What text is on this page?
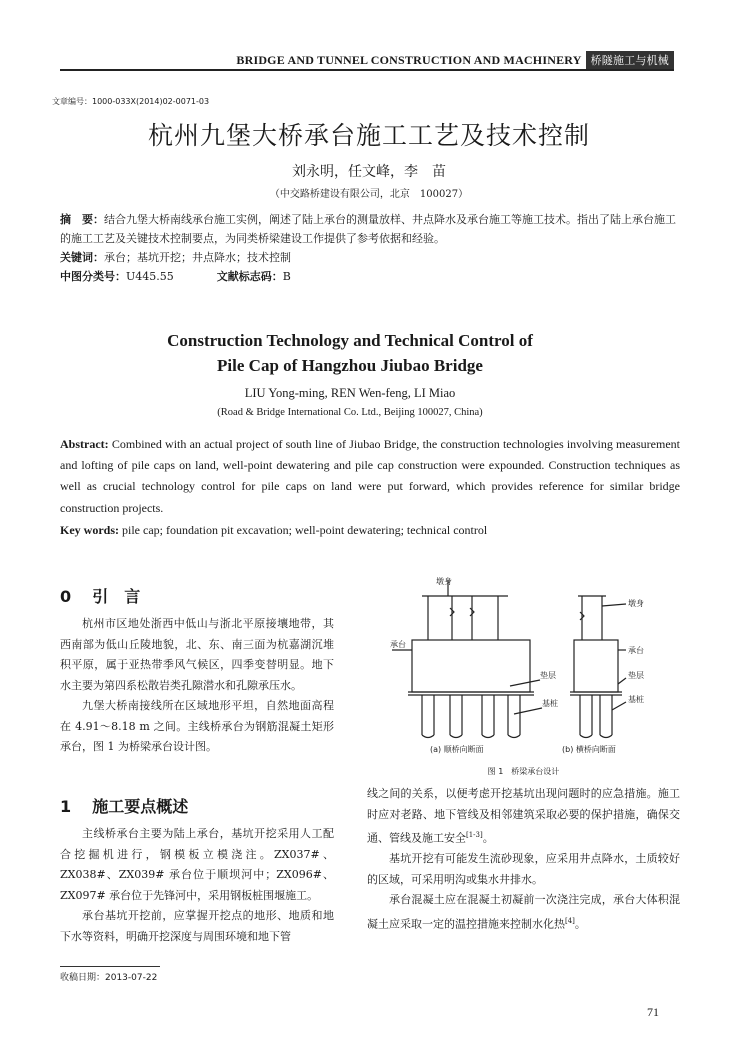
BRIDGE AND TUNNEL CONSTRUCTION AND MACHINERY 桥隧施工与机械
文章编号：1000-033X(2014)02-0071-03
杭州九堡大桥承台施工工艺及技术控制
刘永明，任文峰，李　苗
（中交路桥建设有限公司，北京　100027）
摘　要：结合九堡大桥南线承台施工实例，阐述了陆上承台的测量放样、井点降水及承台施工等施工技术。指出了陆上承台施工的施工工艺及关键技术控制要点，为同类桥梁建设工作提供了参考依据和经验。
关键词：承台；基坑开挖；井点降水；技术控制
中图分类号：U445.55	文献标志码：B
Construction Technology and Technical Control of
Pile Cap of Hangzhou Jiubao Bridge
LIU Yong-ming, REN Wen-feng, LI Miao
(Road & Bridge International Co. Ltd., Beijing 100027, China)
Abstract: Combined with an actual project of south line of Jiubao Bridge, the construction technologies involving measurement and lofting of pile caps on land, well-point dewatering and pile cap construction were expounded. Construction techniques as well as crucial technology control for pile caps on land were put forward, which provides reference for similar bridge construction projects.
Key words: pile cap; foundation pit excavation; well-point dewatering; technical control
0 引　言

杭州市区地处浙西中低山与浙北平原接壤地带，其西南部为低山丘陵地貌，北、东、南三面为杭嘉湖沉堆积平原，属于亚热带季风气候区，四季变替明显。地下水主要为第四系松散岩类孔隙潜水和孔隙承压水。

九堡大桥南接线所在区域地形平坦，自然地面高程在 4.91～8.18 m 之间。主线桥承台为钢筋混凝土矩形承台，图 1 为桥梁承台设计图。

1 施工要点概述

主线桥承台主要为陆上承台，基坑开挖采用人工配合挖掘机进行，钢模板立模浇注。ZX037#、ZX038#、ZX039# 承台位于顺坝河中；ZX096#、ZX097# 承台位于先锋河中，采用钢板桩围堰施工。

承台基坑开挖前，应掌握开挖点的地形、地质和地下水等资料，明确开挖深度与周围环境和地下管

墩身
承台
垫层
基桩
墩身
承台
垫层
基桩
(a) 顺桥向断面	(b) 横桥向断面
图 1　桥梁承台设计

线之间的关系，以便考虑开挖基坑出现问题时的应急措施。施工时应对老路、地下管线及相邻建筑采取必要的保护措施，确保交通、管线及施工安全[1-3]。

基坑开挖有可能发生流砂现象，应采用井点降水，土质较好的区域，可采用明沟或集水井排水。

承台混凝土应在混凝土初凝前一次浇注完成，承台大体积混凝土应采取一定的温控措施来控制水化热[4]。

收稿日期：2013-07-22
71
